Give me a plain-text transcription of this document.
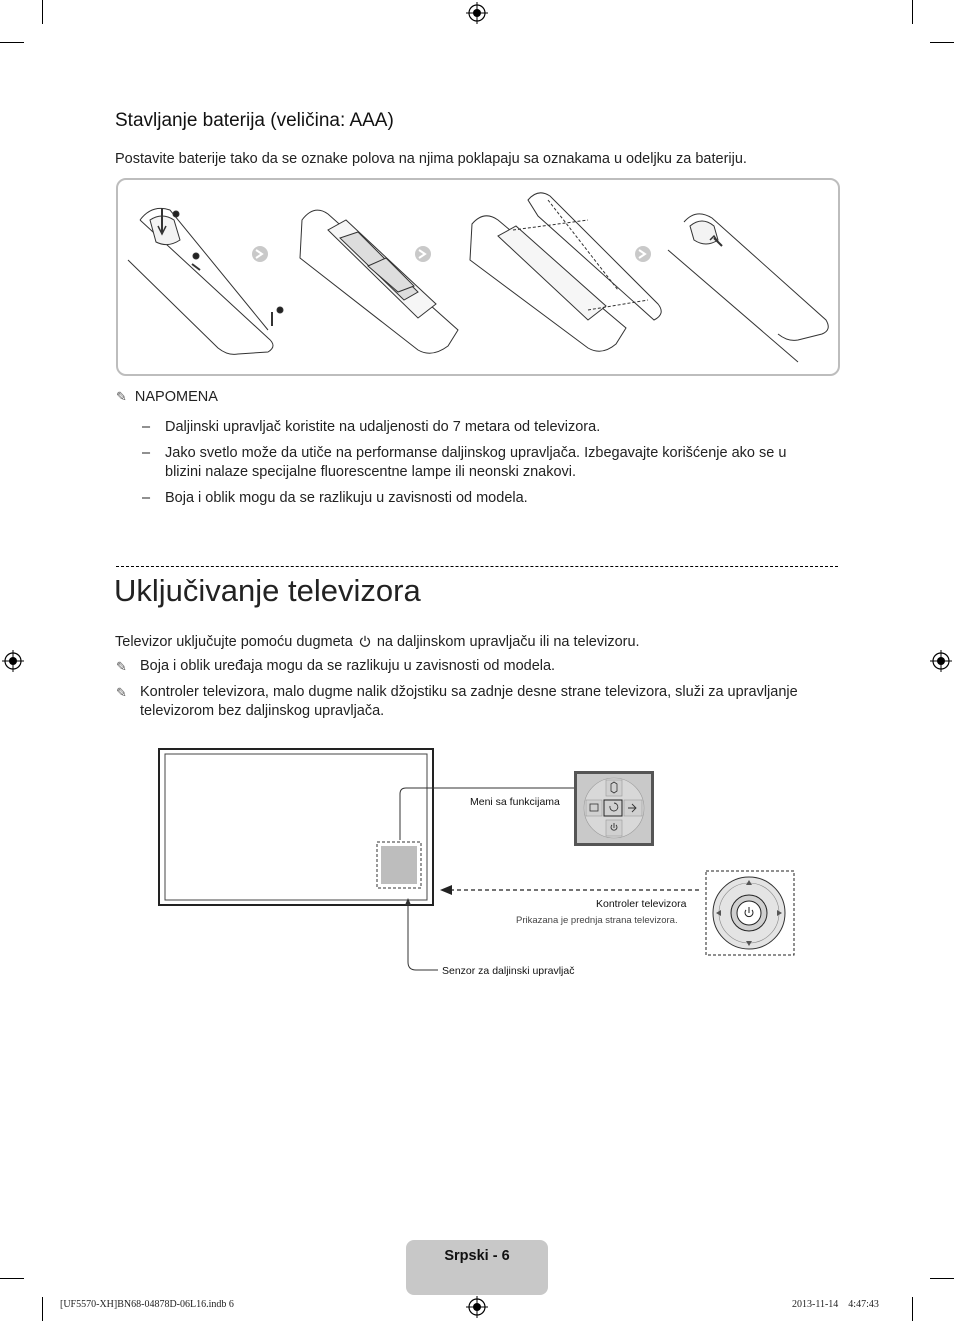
Stavljanje baterija (veličina: AAA)
Postavite baterije tako da se oznake polova na njima poklapaju sa oznakama u odeljku za bateriju.
✎ NAPOMENA
– Daljinski upravljač koristite na udaljenosti do 7 metara od televizora.
– Jako svetlo može da utiče na performanse daljinskog upravljača. Izbegavajte korišćenje ako se u blizini nalaze specijalne fluorescentne lampe ili neonski znakovi.
– Boja i oblik mogu da se razlikuju u zavisnosti od modela.
Uključivanje televizora
Televizor uključujte pomoću dugmeta na daljinskom upravljaču ili na televizoru.
✎ Boja i oblik uređaja mogu da se razlikuju u zavisnosti od modela.
✎ Kontroler televizora, malo dugme nalik džojstiku sa zadnje desne strane televizora, služi za upravljanje televizorom bez daljinskog upravljača.
Meni sa funkcijama
Kontroler televizora
Prikazana je prednja strana televizora.
Senzor za daljinski upravljač
Srpski - 6
[UF5570-XH]BN68-04878D-06L16.indb 6	2013-11-14   4:47:43
